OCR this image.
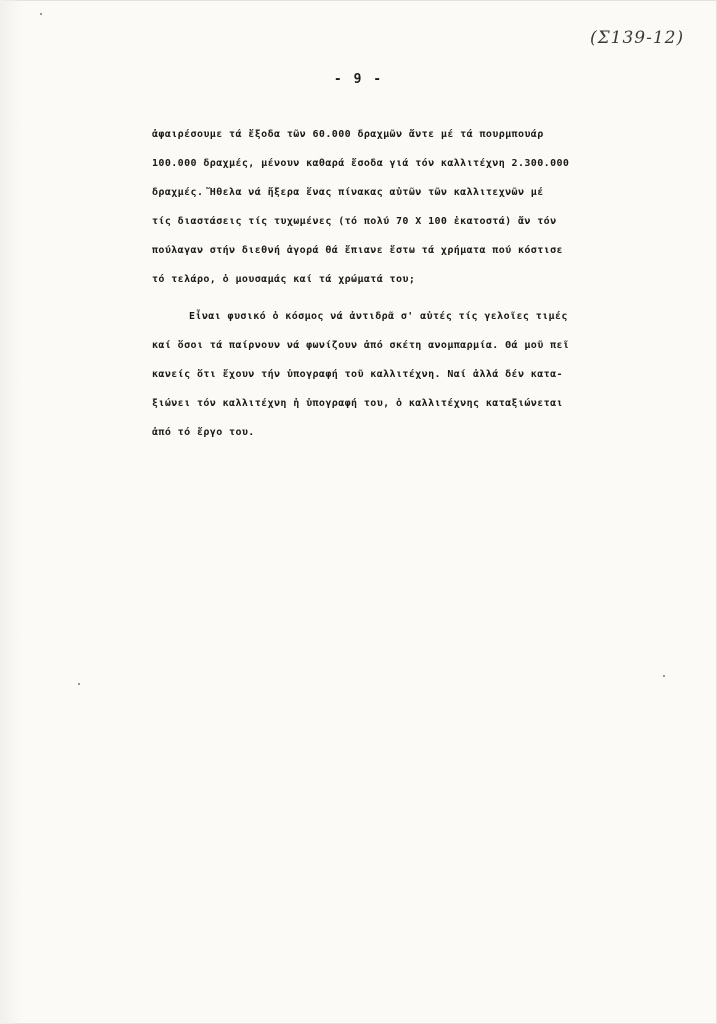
(Σ139-12)
- 9 -
ἀφαιρέσουμε τά ἔξοδα τῶν 60.000 δραχμῶν ἄντε μέ τά πουρμπουάρ
100.000 δραχμές, μένουν καθαρά ἔσοδα γιά τόν καλλιτέχνη 2.300.000
δραχμές. Ἤθελα νά ἤξερα ἕνας πίνακας αὐτῶν τῶν καλλιτεχνῶν μέ
τίς διαστάσεις τίς τυχωμένες (τό πολύ 70 Χ 100 ἑκατοστά) ἄν τόν
πούλαγαν στήν διεθνή ἀγορά θά ἔπιανε ἔστω τά χρήματα πού κόστισε
τό τελάρο, ὁ μουσαμάς καί τά χρώματά του;
Εἶναι φυσικό ὁ κόσμος νά ἀντιδρᾶ σ' αὐτές τίς γελοῖες τιμές
καί ὅσοι τά παίρνουν νά φωνίζουν ἀπό σκέτη ανομπαρμία. Θά μοῦ πεῖ
κανείς ὅτι ἔχουν τήν ὑπογραφή τοῦ καλλιτέχνη. Ναί ἀλλά δέν κατα-
ξιώνει τόν καλλιτέχνη ἡ ὑπογραφή του, ὁ καλλιτέχνης καταξιώνεται
ἀπό τό ἔργο του.
